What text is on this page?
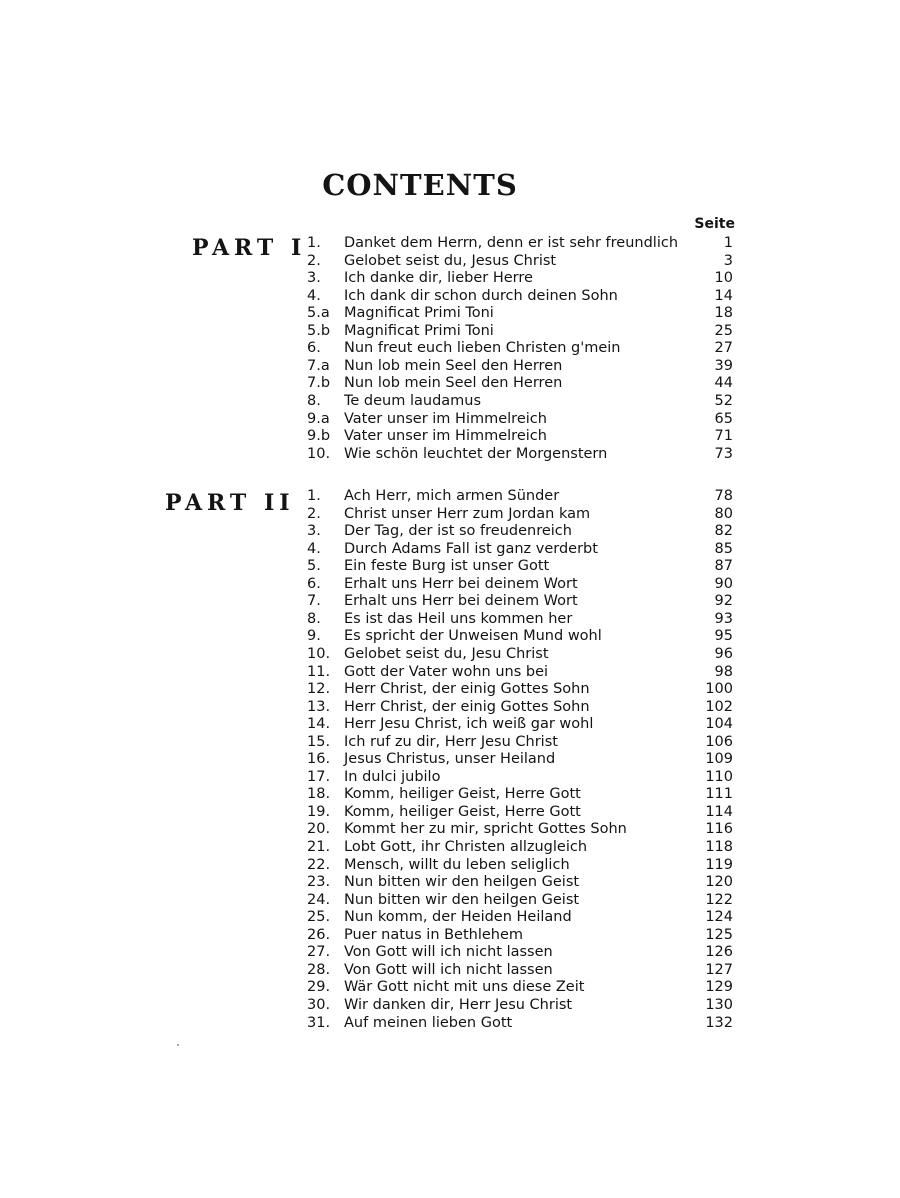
CONTENTS
Seite
PART I
PART II
1.	Danket dem Herrn, denn er ist sehr freundlich	1
2.	Gelobet seist du, Jesus Christ	3
3.	Ich danke dir, lieber Herre	10
4.	Ich dank dir schon durch deinen Sohn	14
5.a Magnificat Primi Toni	18
5.b Magnificat Primi Toni	25
6.	Nun freut euch lieben Christen g'mein	27
7.a Nun lob mein Seel den Herren	39
7.b Nun lob mein Seel den Herren	44
8.	Te deum laudamus	52
9.a Vater unser im Himmelreich	65
9.b Vater unser im Himmelreich	71
10. Wie schön leuchtet der Morgenstern	73
1.	Ach Herr, mich armen Sünder	78
2.	Christ unser Herr zum Jordan kam	80
3.	Der Tag, der ist so freudenreich	82
4.	Durch Adams Fall ist ganz verderbt	85
5.	Ein feste Burg ist unser Gott	87
6.	Erhalt uns Herr bei deinem Wort	90
7.	Erhalt uns Herr bei deinem Wort	92
8.	Es ist das Heil uns kommen her	93
9.	Es spricht der Unweisen Mund wohl	95
10. Gelobet seist du, Jesu Christ	96
11. Gott der Vater wohn uns bei	98
12. Herr Christ, der einig Gottes Sohn	100
13. Herr Christ, der einig Gottes Sohn	102
14. Herr Jesu Christ, ich weiß gar wohl	104
15. Ich ruf zu dir, Herr Jesu Christ	106
16. Jesus Christus, unser Heiland	109
17. In dulci jubilo	110
18. Komm, heiliger Geist, Herre Gott	111
19. Komm, heiliger Geist, Herre Gott	114
20. Kommt her zu mir, spricht Gottes Sohn	116
21. Lobt Gott, ihr Christen allzugleich	118
22. Mensch, willt du leben seliglich	119
23. Nun bitten wir den heilgen Geist	120
24. Nun bitten wir den heilgen Geist	122
25. Nun komm, der Heiden Heiland	124
26. Puer natus in Bethlehem	125
27. Von Gott will ich nicht lassen	126
28. Von Gott will ich nicht lassen	127
29. Wär Gott nicht mit uns diese Zeit	129
30. Wir danken dir, Herr Jesu Christ	130
31. Auf meinen lieben Gott	132
